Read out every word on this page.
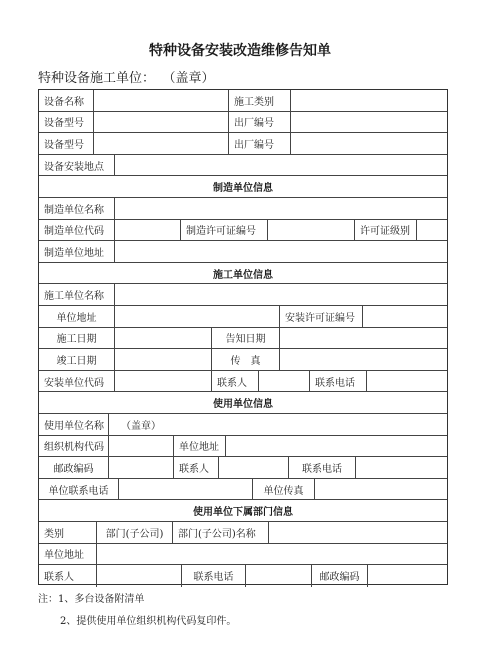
特种设备安装改造维修告知单
特种设备施工单位： （盖章）
设备名称	施工类别
设备型号	出厂编号
设备型号	出厂编号
设备安装地点
制造单位信息
制造单位名称
制造单位代码	制造许可证编号	许可证级别
制造单位地址
施工单位信息
施工单位名称
单位地址	安装许可证编号
施工日期	告知日期
竣工日期	传　真
安装单位代码	联系人	联系电话
使用单位信息
使用单位名称	（盖章）
组织机构代码	单位地址
邮政编码	联系人	联系电话
单位联系电话	单位传真
使用单位下属部门信息
类别	部门(子公司)	部门(子公司)名称
单位地址
联系人	联系电话	邮政编码
注：1、多台设备附清单
2、提供使用单位组织机构代码复印件。
